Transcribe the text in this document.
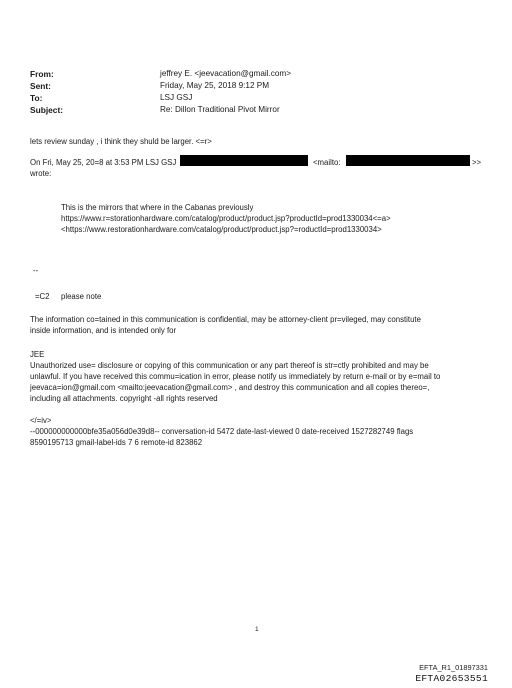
From:	jeffrey E. <jeevacation@gmail.com>
Sent:	Friday, May 25, 2018 9:12 PM
To:	LSJ GSJ
Subject:	Re: Dillon Traditional Pivot Mirror
lets review sunday , i think they shuld be larger. <=r>
On Fri, May 25, 20=8 at 3:53 PM LSJ GSJ	<mailto:	>>
wrote:
This is the mirrors that where in the Cabanas previously
https://www.r=storationhardware.com/catalog/product/product.jsp?productId=prod1330034<=a>
<https://www.restorationhardware.com/catalog/product/product.jsp?=roductId=prod1330034>
--
=C2 please note
The information co=tained in this communication is confidential, may be attorney-client pr=vileged, may constitute
inside information, and is intended only for
JEE
Unauthorized use= disclosure or copying of this communication or any part thereof is str=ctly prohibited and may be
unlawful. If you have received this commu=ication in error, please notify us immediately by return e-mail or by e=mail to
jeevaca=ion@gmail.com <mailto:jeevacation@gmail.com> , and destroy this communication and all copies thereo=,
including all attachments. copyright -all rights reserved
</=iv>
--000000000000bfe35a056d0e39d8-- conversation-id 5472 date-last-viewed 0 date-received 1527282749 flags
8590195713 gmail-label-ids 7 6 remote-id 823862
1
EFTA_R1_01897331
EFTA02653551
